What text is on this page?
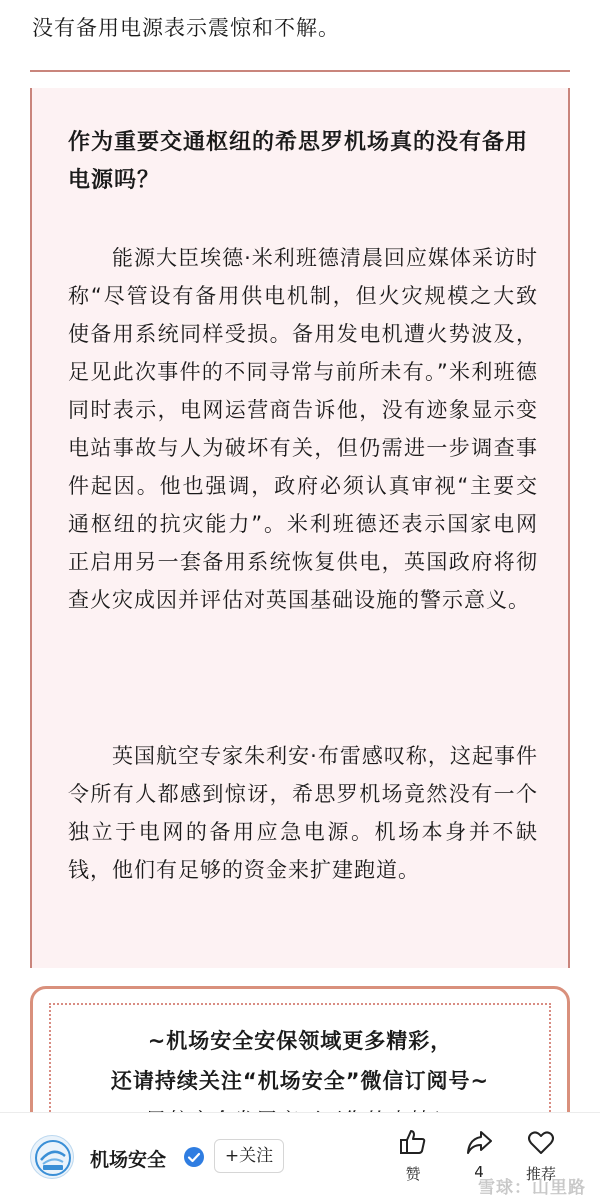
没有备用电源表示震惊和不解。
作为重要交通枢纽的希思罗机场真的没有备用电源吗？

能源大臣埃德·米利班德清晨回应媒体采访时称“尽管设有备用供电机制，但火灾规模之大致使备用系统同样受损。备用发电机遭火势波及，足见此次事件的不同寻常与前所未有。”米利班德同时表示，电网运营商告诉他，没有迹象显示变电站事故与人为破坏有关，但仍需进一步调查事件起因。他也强调，政府必须认真审视“主要交通枢纽的抗灾能力”。米利班德还表示国家电网正启用另一套备用系统恢复供电，英国政府将彻查火灾成因并评估对英国基础设施的警示意义。

英国航空专家朱利安·布雷感叹称，这起事件令所有人都感到惊讶，希思罗机场竟然没有一个独立于电网的备用应急电源。机场本身并不缺钱，他们有足够的资金来扩建跑道。

~机场安全安保领域更多精彩，
还请持续关注“机场安全”微信订阅号~
机场安全	+关注
赞	4	推荐
雪球：山里路
